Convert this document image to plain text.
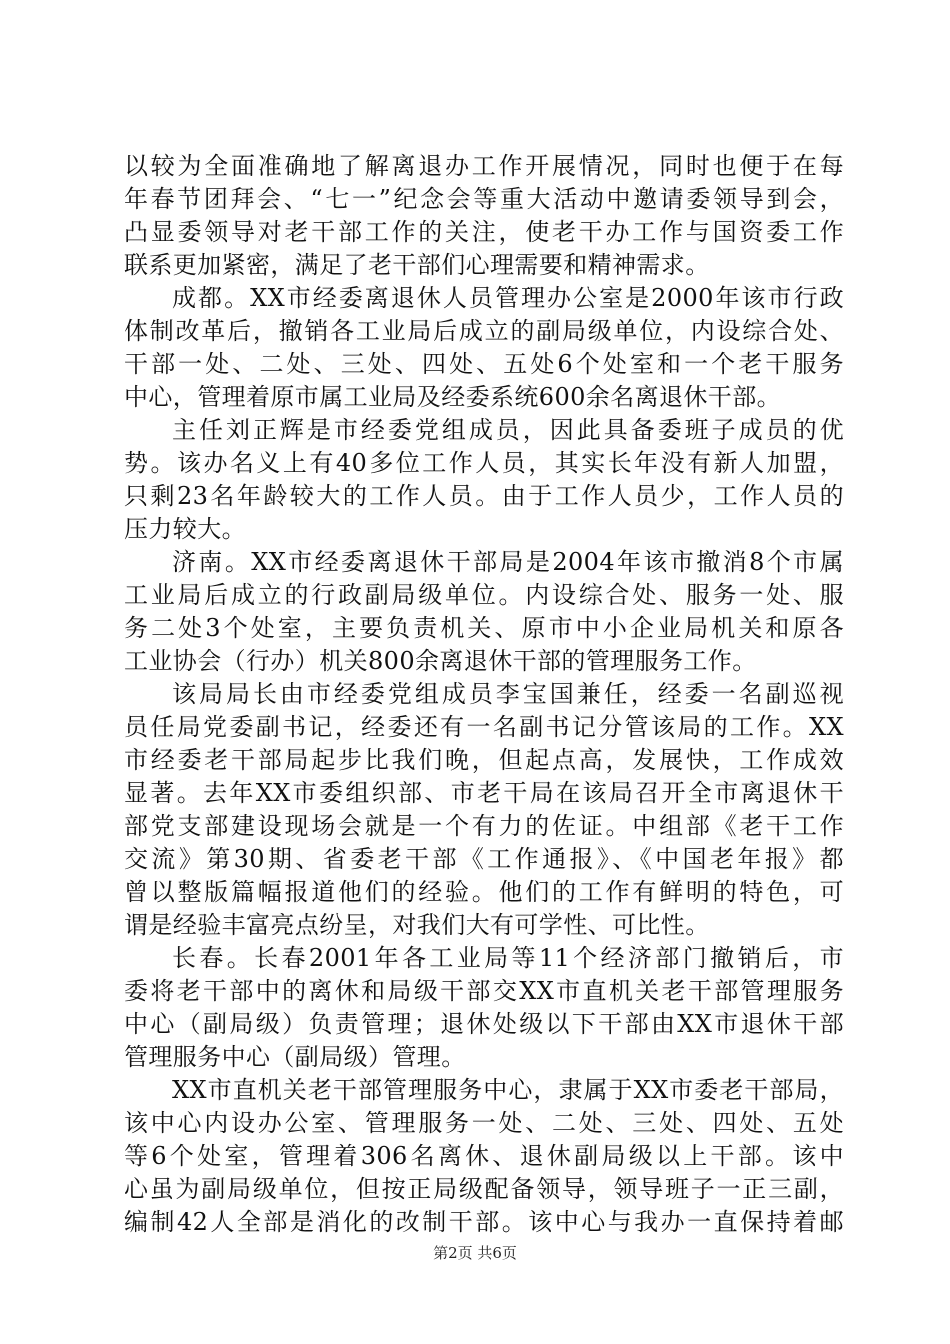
以较为全面准确地了解离退办工作开展情况，同时也便于在每
年春节团拜会、“七一”纪念会等重大活动中邀请委领导到会，
凸显委领导对老干部工作的关注，使老干办工作与国资委工作
联系更加紧密，满足了老干部们心理需要和精神需求。
成都。XX市经委离退休人员管理办公室是2000年该市行政
体制改革后，撤销各工业局后成立的副局级单位，内设综合处、
干部一处、二处、三处、四处、五处6个处室和一个老干服务
中心，管理着原市属工业局及经委系统600余名离退休干部。
主任刘正辉是市经委党组成员，因此具备委班子成员的优
势。该办名义上有40多位工作人员，其实长年没有新人加盟，
只剩23名年龄较大的工作人员。由于工作人员少，工作人员的
压力较大。
济南。XX市经委离退休干部局是2004年该市撤消8个市属
工业局后成立的行政副局级单位。内设综合处、服务一处、服
务二处3个处室，主要负责机关、原市中小企业局机关和原各
工业协会（行办）机关800余离退休干部的管理服务工作。
该局局长由市经委党组成员李宝国兼任，经委一名副巡视
员任局党委副书记，经委还有一名副书记分管该局的工作。XX
市经委老干部局起步比我们晚，但起点高，发展快，工作成效
显著。去年XX市委组织部、市老干局在该局召开全市离退休干
部党支部建设现场会就是一个有力的佐证。中组部《老干工作
交流》第30期、省委老干部《工作通报》、《中国老年报》都
曾以整版篇幅报道他们的经验。他们的工作有鲜明的特色，可
谓是经验丰富亮点纷呈，对我们大有可学性、可比性。
长春。长春2001年各工业局等11个经济部门撤销后，市
委将老干部中的离休和局级干部交XX市直机关老干部管理服务
中心（副局级）负责管理；退休处级以下干部由XX市退休干部
管理服务中心（副局级）管理。
XX市直机关老干部管理服务中心，隶属于XX市委老干部局，
该中心内设办公室、管理服务一处、二处、三处、四处、五处
等6个处室，管理着306名离休、退休副局级以上干部。该中
心虽为副局级单位，但按正局级配备领导，领导班子一正三副，
编制42人全部是消化的改制干部。该中心与我办一直保持着邮
第2页 共6页
